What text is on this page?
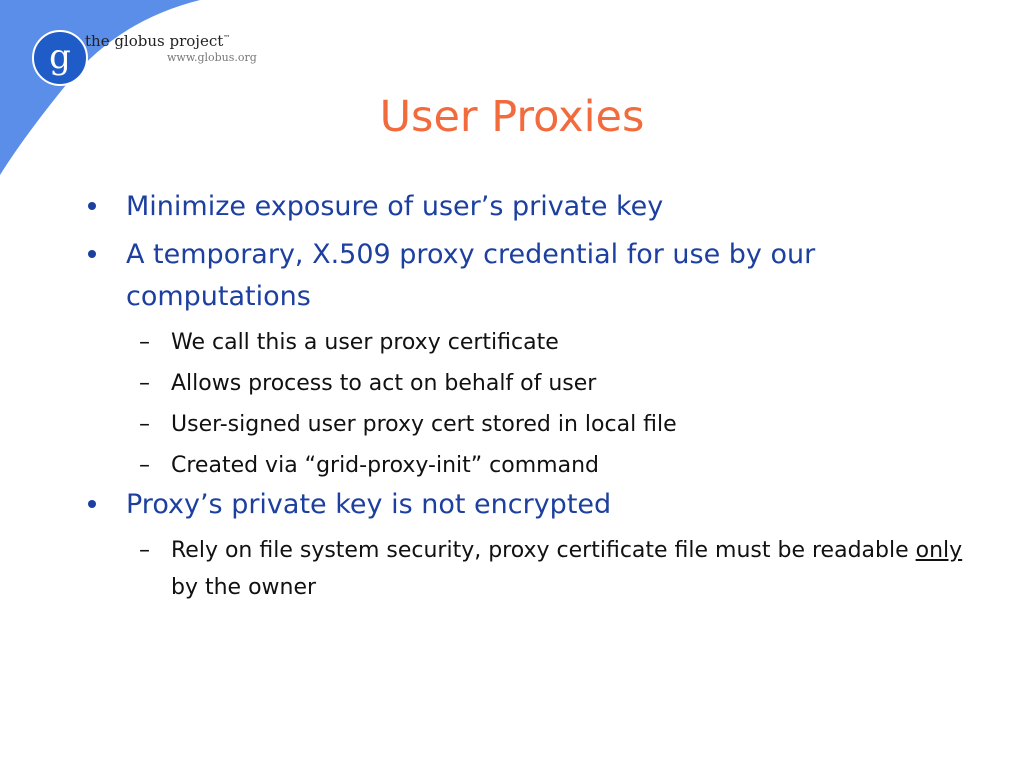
g the globus project™
www.globus.org
User Proxies
Minimize exposure of user’s private key
A temporary, X.509 proxy credential for use by our computations
– We call this a user proxy certificate
– Allows process to act on behalf of user
– User-signed user proxy cert stored in local file
– Created via “grid-proxy-init” command
Proxy’s private key is not encrypted
– Rely on file system security, proxy certificate file must be readable only by the owner
